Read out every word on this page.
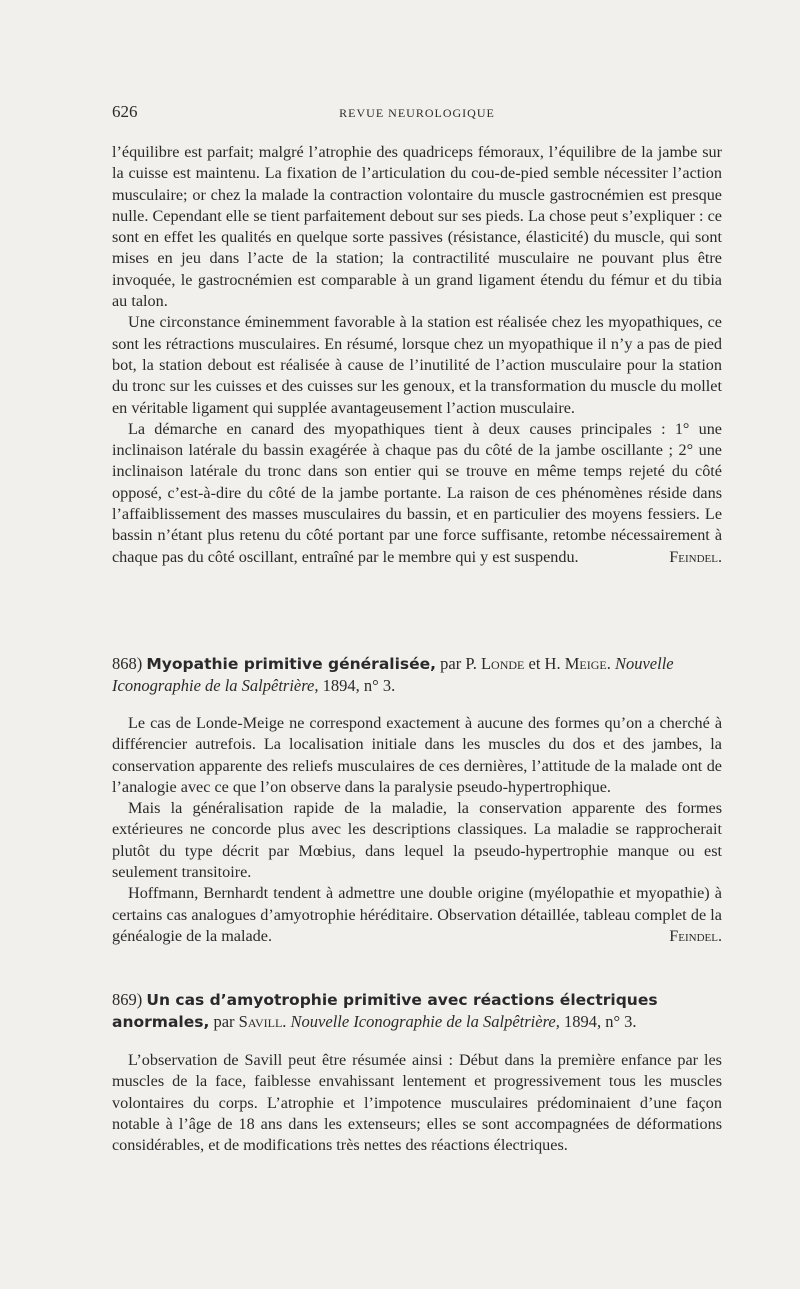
626	REVUE NEUROLOGIQUE

l’équilibre est parfait; malgré l’atrophie des quadriceps fémoraux, l’équilibre de la jambe sur la cuisse est maintenu. La fixation de l’articulation du cou-de-pied semble nécessiter l’action musculaire; or chez la malade la contraction volontaire du muscle gastrocnémien est presque nulle. Cependant elle se tient parfaitement debout sur ses pieds. La chose peut s’expliquer : ce sont en effet les qualités en quelque sorte passives (résistance, élasticité) du muscle, qui sont mises en jeu dans l’acte de la station; la contractilité musculaire ne pouvant plus être invoquée, le gastrocnémien est comparable à un grand ligament étendu du fémur et du tibia au talon.

Une circonstance éminemment favorable à la station est réalisée chez les myopathiques, ce sont les rétractions musculaires. En résumé, lorsque chez un myopathique il n’y a pas de pied bot, la station debout est réalisée à cause de l’inutilité de l’action musculaire pour la station du tronc sur les cuisses et des cuisses sur les genoux, et la transformation du muscle du mollet en véritable ligament qui supplée avantageusement l’action musculaire.

La démarche en canard des myopathiques tient à deux causes principales : 1° une inclinaison latérale du bassin exagérée à chaque pas du côté de la jambe oscillante ; 2° une inclinaison latérale du tronc dans son entier qui se trouve en même temps rejeté du côté opposé, c’est-à-dire du côté de la jambe portante. La raison de ces phénomènes réside dans l’affaiblissement des masses musculaires du bassin, et en particulier des moyens fessiers. Le bassin n’étant plus retenu du côté portant par une force suffisante, retombe nécessairement à chaque pas du côté oscillant, entraîné par le membre qui y est suspendu.	Feindel.

868) Myopathie primitive généralisée, par P. Londe et H. Meige. Nouvelle Iconographie de la Salpêtrière, 1894, n° 3.

Le cas de Londe-Meige ne correspond exactement à aucune des formes qu’on a cherché à différencier autrefois. La localisation initiale dans les muscles du dos et des jambes, la conservation apparente des reliefs musculaires de ces dernières, l’attitude de la malade ont de l’analogie avec ce que l’on observe dans la paralysie pseudo-hypertrophique.

Mais la généralisation rapide de la maladie, la conservation apparente des formes extérieures ne concorde plus avec les descriptions classiques. La maladie se rapprocherait plutôt du type décrit par Mœbius, dans lequel la pseudo-hypertrophie manque ou est seulement transitoire.

Hoffmann, Bernhardt tendent à admettre une double origine (myélopathie et myopathie) à certains cas analogues d’amyotrophie héréditaire. Observation détaillée, tableau complet de la généalogie de la malade.	Feindel.

869) Un cas d’amyotrophie primitive avec réactions électriques anormales, par Savill. Nouvelle Iconographie de la Salpêtrière, 1894, n° 3.

L’observation de Savill peut être résumée ainsi : Début dans la première enfance par les muscles de la face, faiblesse envahissant lentement et progressivement tous les muscles volontaires du corps. L’atrophie et l’impotence musculaires prédominaient d’une façon notable à l’âge de 18 ans dans les extenseurs; elles se sont accompagnées de déformations considérables, et de modifications très nettes des réactions électriques.
